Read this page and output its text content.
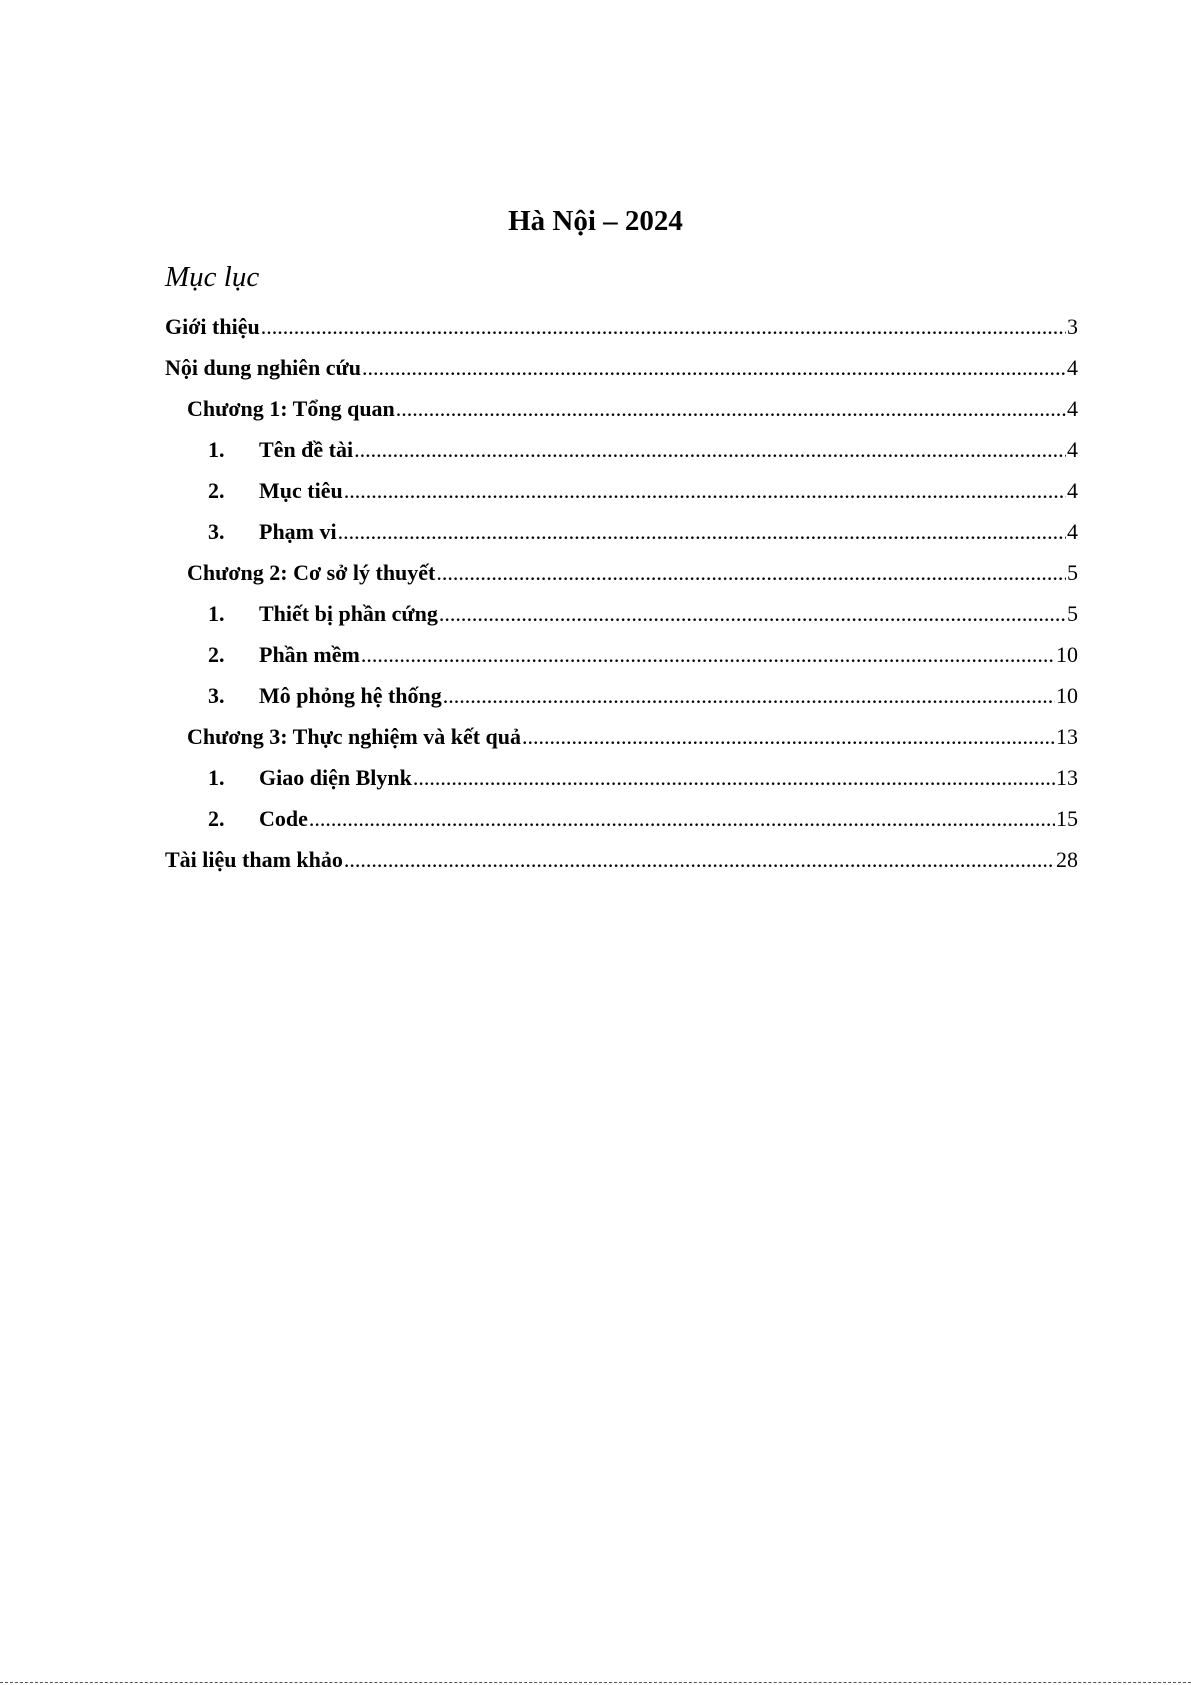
Hà Nội – 2024
Mục lục
Giới thiệu .....	3
Nội dung nghiên cứu .....	4
Chương 1: Tổng quan .....	4
1.	Tên đề tài .....	4
2.	Mục tiêu .....	4
3.	Phạm vi .....	4
Chương 2: Cơ sở lý thuyết .....	5
1.	Thiết bị phần cứng .....	5
2.	Phần mềm .....	10
3.	Mô phỏng hệ thống .....	10
Chương 3: Thực nghiệm và kết quả .....	13
1.	Giao diện Blynk .....	13
2.	Code .....	15
Tài liệu tham khảo .....	28
